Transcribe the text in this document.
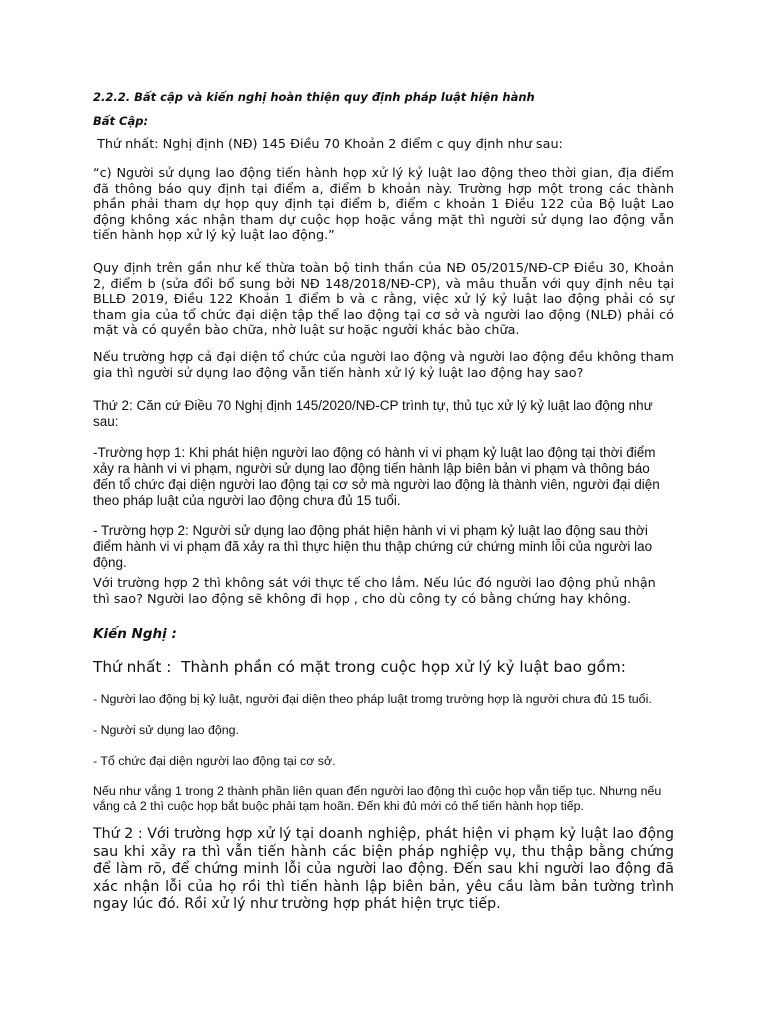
2.2.2. Bất cập và kiến nghị hoàn thiện quy định pháp luật hiện hành

Bất Cập:

Thứ nhất: Nghị định (NĐ) 145 Điều 70 Khoản 2 điểm c quy định như sau:

“c) Người sử dụng lao động tiến hành họp xử lý kỷ luật lao động theo thời gian, địa điểm đã thông báo quy định tại điểm a, điểm b khoản này. Trường hợp một trong các thành phần phải tham dự họp quy định tại điểm b, điểm c khoản 1 Điều 122 của Bộ luật Lao động không xác nhận tham dự cuộc họp hoặc vắng mặt thì người sử dụng lao động vẫn tiến hành họp xử lý kỷ luật lao động.”

Quy định trên gần như kế thừa toàn bộ tinh thần của NĐ 05/2015/NĐ-CP Điều 30, Khoản 2, điểm b (sửa đổi bổ sung bởi NĐ 148/2018/NĐ-CP), và mâu thuẫn với quy định nêu tại BLLĐ 2019, Điều 122 Khoản 1 điểm b và c rằng, việc xử lý kỷ luật lao động phải có sự tham gia của tổ chức đại diện tập thể lao động tại cơ sở và người lao động (NLĐ) phải có mặt và có quyền bào chữa, nhờ luật sư hoặc người khác bào chữa.

Nếu trường hợp cả đại diện tổ chức của người lao động và người lao động đều không tham gia thì người sử dụng lao động vẫn tiến hành xử lý kỷ luật lao động hay sao?

Thứ 2: Căn cứ Điều 70 Nghị định 145/2020/NĐ-CP trình tự, thủ tục xử lý kỷ luật lao động như sau:

-Trường hợp 1: Khi phát hiện người lao động có hành vi vi phạm kỷ luật lao động tại thời điểm xảy ra hành vi vi phạm, người sử dụng lao động tiến hành lập biên bản vi phạm và thông báo đến tổ chức đại diện người lao động tại cơ sở mà người lao động là thành viên, người đại diện theo pháp luật của người lao động chưa đủ 15 tuổi.

- Trường hợp 2: Người sử dụng lao động phát hiện hành vi vi phạm kỷ luật lao động sau thời điểm hành vi vi phạm đã xảy ra thì thực hiện thu thập chứng cứ chứng minh lỗi của người lao động.

Với trường hợp 2 thì không sát với thực tế cho lắm. Nếu lúc đó người lao động phủ nhận thì sao? Người lao động sẽ không đi họp , cho dù công ty có bằng chứng hay không.

Kiến Nghị :

Thứ nhất :  Thành phần có mặt trong cuộc họp xử lý kỷ luật bao gồm:

- Người lao động bị kỷ luật, người đại diện theo pháp luật tromg trường hợp là người chưa đủ 15 tuổi.

- Người sử dụng lao động.

- Tổ chức đại diện người lao động tại cơ sở.

Nếu như vắng 1 trong 2 thành phần liên quan đến người lao động thì cuộc họp vẫn tiếp tục. Nhưng nếu vắng cả 2 thì cuộc họp bắt buộc phải tạm hoãn. Đến khi đủ mới có thể tiến hành họp tiếp.

Thứ 2 : Với trường hợp xử lý tại doanh nghiệp, phát hiện vi phạm kỷ luật lao động sau khi xảy ra thì vẫn tiến hành các biện pháp nghiệp vụ, thu thập bằng chứng để làm rõ, để chứng minh lỗi của người lao động. Đến sau khi người lao động đã xác nhận lỗi của họ rồi thì tiến hành lập biên bản, yêu cầu làm bản tường trình ngay lúc đó. Rồi xử lý như trường hợp phát hiện trực tiếp.
